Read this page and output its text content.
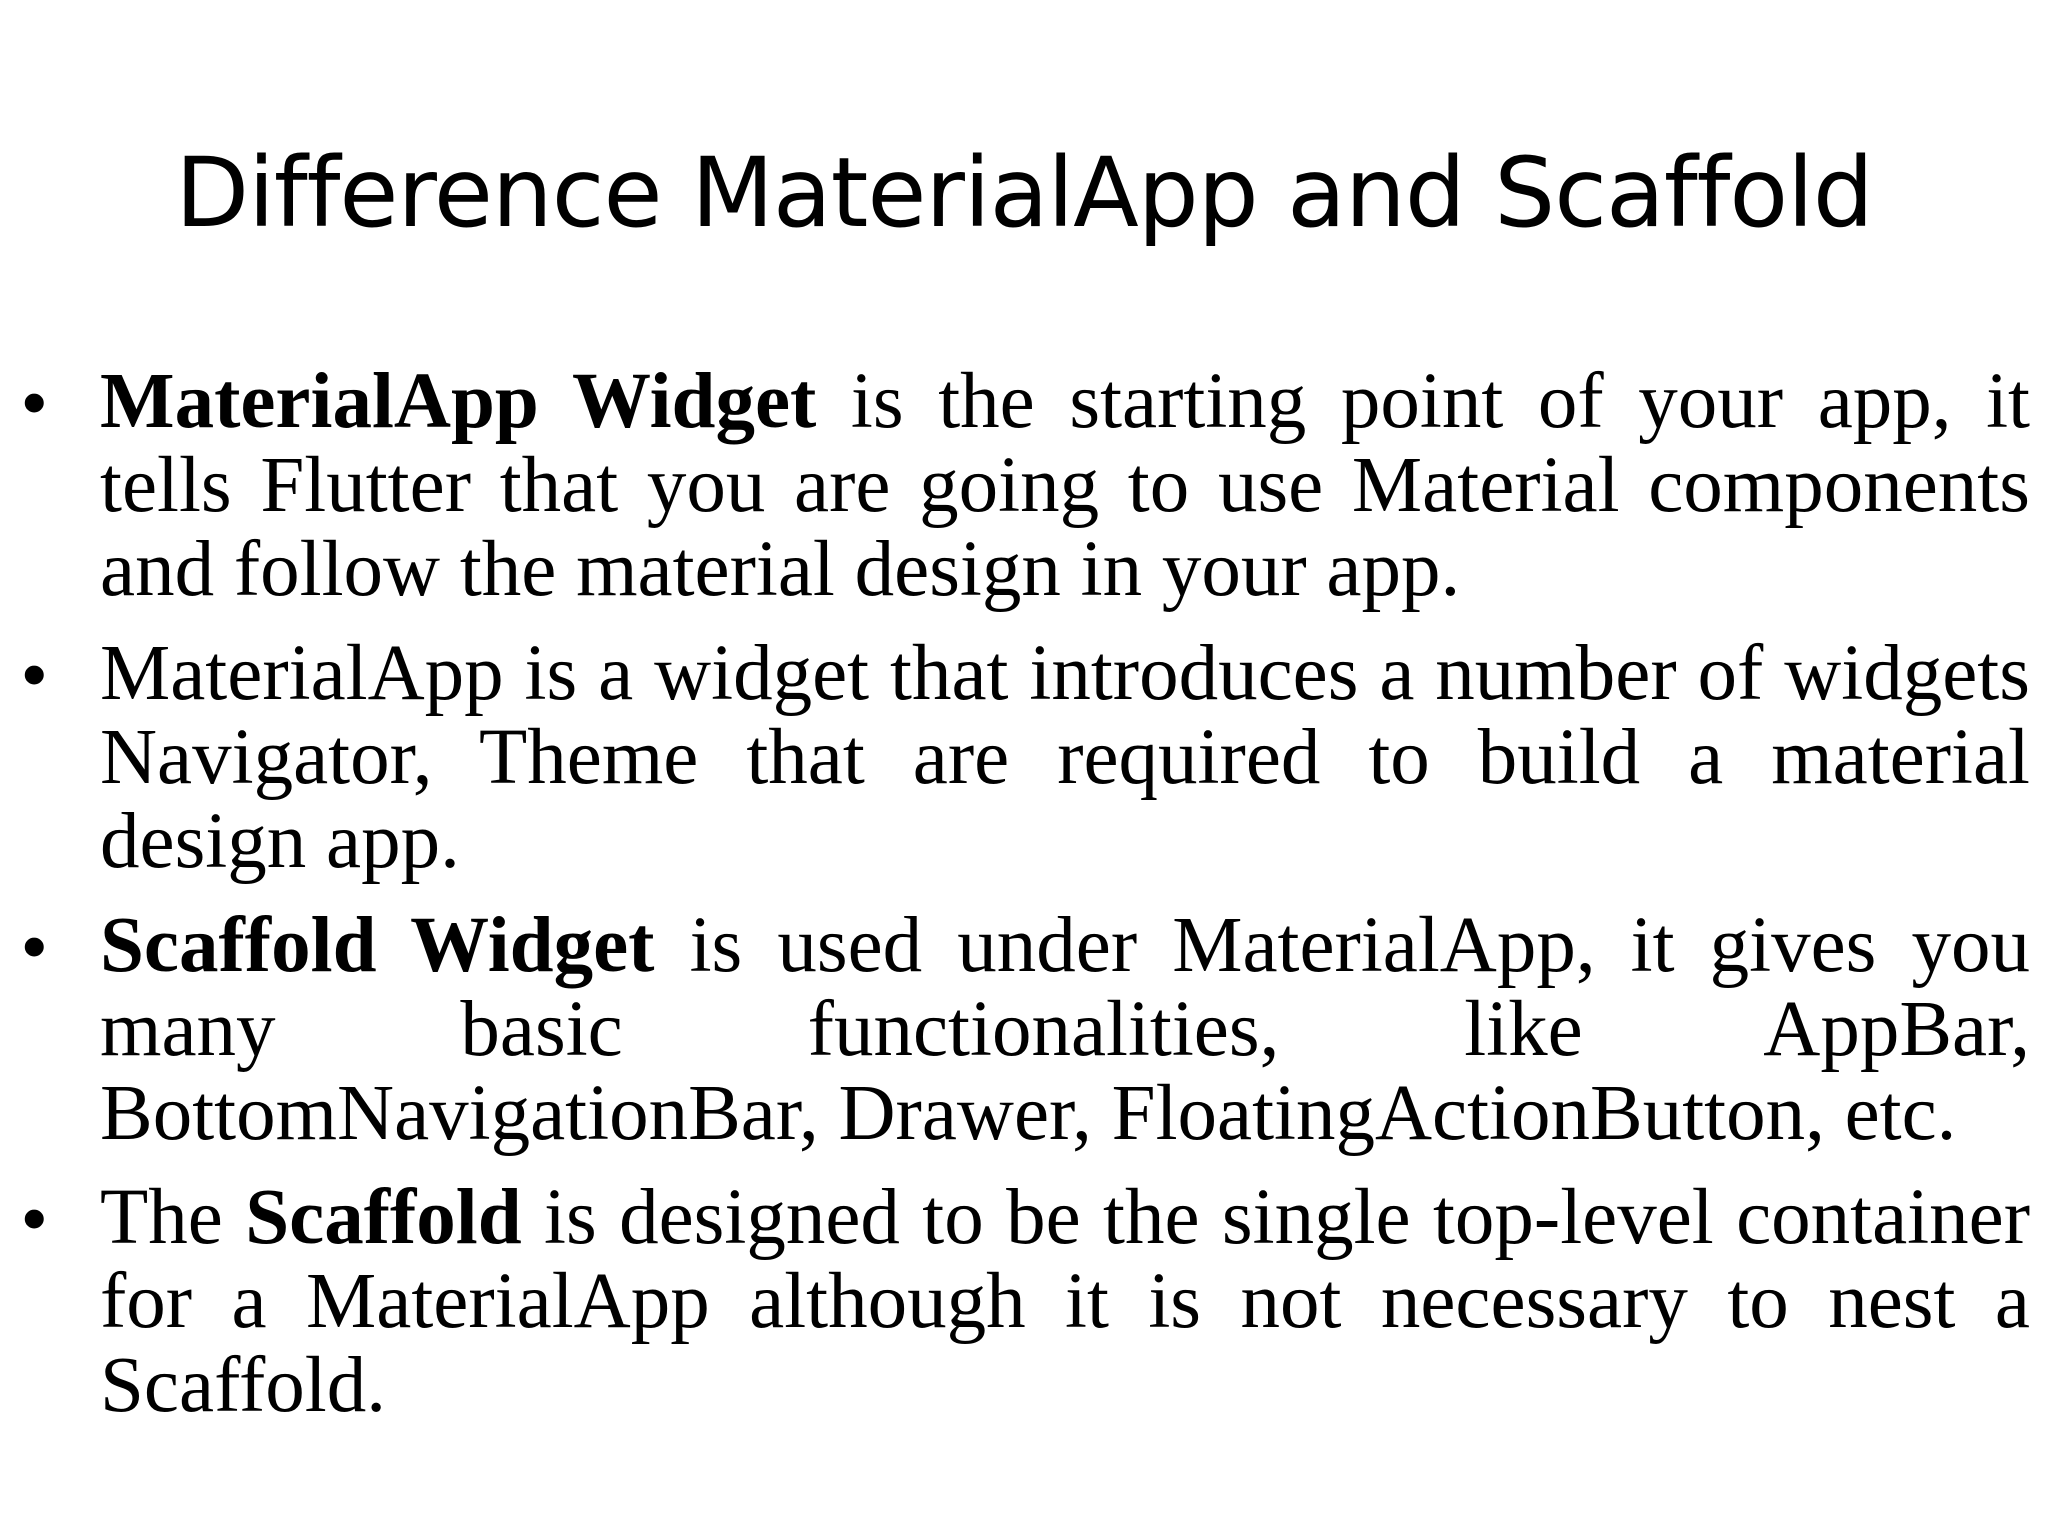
Difference MaterialApp and Scaffold
• MaterialApp Widget is the starting point of your app, it tells Flutter that you are going to use Material components and follow the material design in your app.
• MaterialApp is a widget that introduces a number of widgets Navigator, Theme that are required to build a material design app.
• Scaffold Widget is used under MaterialApp, it gives you many basic functionalities, like AppBar, BottomNavigationBar, Drawer, FloatingActionButton, etc.
• The Scaffold is designed to be the single top-level container for a MaterialApp although it is not necessary to nest a Scaffold.
